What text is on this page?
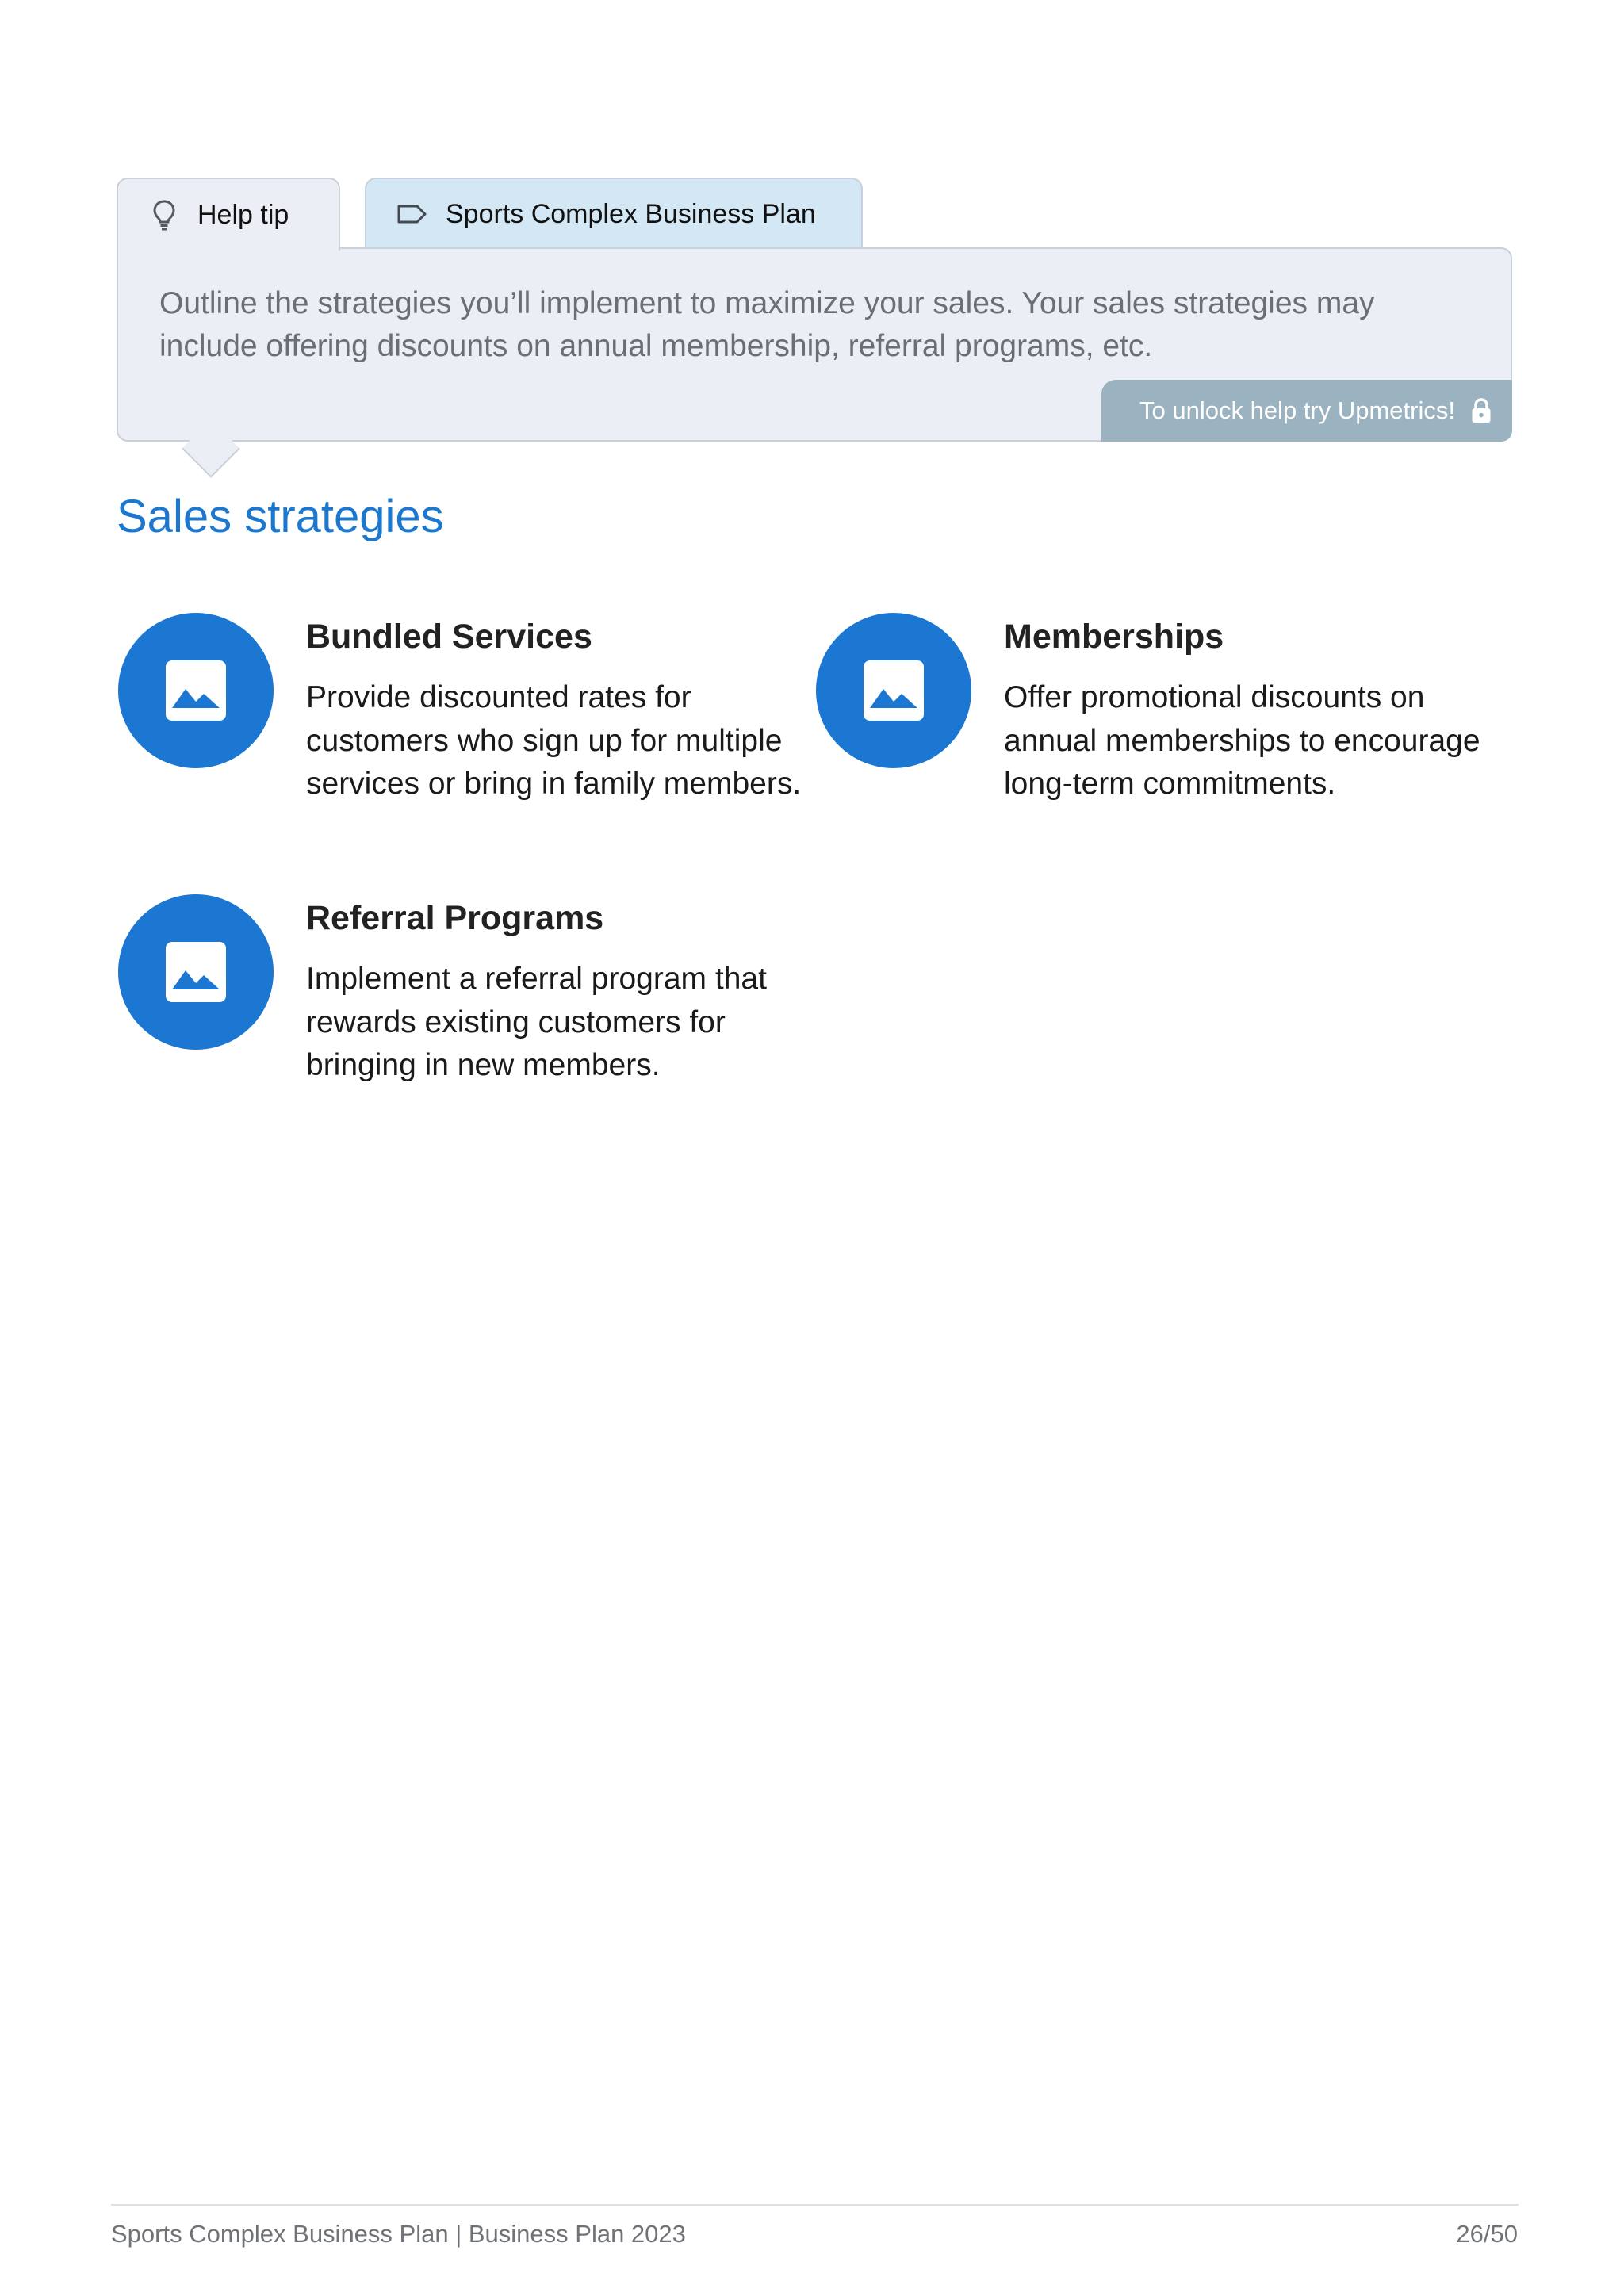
Help tip	Sports Complex Business Plan
Outline the strategies you’ll implement to maximize your sales. Your sales strategies may include offering discounts on annual membership, referral programs, etc.
To unlock help try Upmetrics!
Sales strategies
Bundled Services
Provide discounted rates for customers who sign up for multiple services or bring in family members.
Memberships
Offer promotional discounts on annual memberships to encourage long-term commitments.
Referral Programs
Implement a referral program that rewards existing customers for bringing in new members.
Sports Complex Business Plan | Business Plan 2023	26/50
